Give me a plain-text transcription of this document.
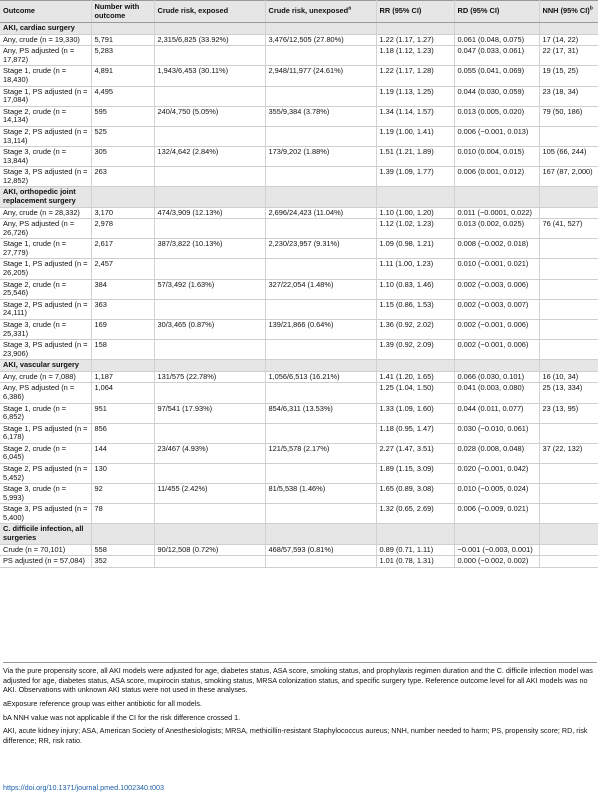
Outcome	Number with outcome	Crude risk, exposed	Crude risk, unexposed$^a$	RR (95% CI)	RD (95% CI)	NNH (95% CI)$^b$
AKI, cardiac surgery						
Any, crude (n = 19,330)	5,791	2,315/6,825 (33.92%)	3,476/12,505 (27.80%)	1.22 (1.17, 1.27)	0.061 (0.048, 0.075)	17 (14, 22)
Any, PS adjusted (n = 17,872)	5,283			1.18 (1.12, 1.23)	0.047 (0.033, 0.061)	22 (17, 31)
Stage 1, crude (n = 18,430)	4,891	1,943/6,453 (30.11%)	2,948/11,977 (24.61%)	1.22 (1.17, 1.28)	0.055 (0.041, 0.069)	19 (15, 25)
Stage 1, PS adjusted (n = 17,084)	4,495			1.19 (1.13, 1.25)	0.044 (0.030, 0.059)	23 (18, 34)
Stage 2, crude (n = 14,134)	595	240/4,750 (5.05%)	355/9,384 (3.78%)	1.34 (1.14, 1.57)	0.013 (0.005, 0.020)	79 (50, 186)
Stage 2, PS adjusted (n = 13,114)	525			1.19 (1.00, 1.41)	0.006 (−0.001, 0.013)	
Stage 3, crude (n = 13,844)	305	132/4,642 (2.84%)	173/9,202 (1.88%)	1.51 (1.21, 1.89)	0.010 (0.004, 0.015)	105 (66, 244)
Stage 3, PS adjusted (n = 12,852)	263			1.39 (1.09, 1.77)	0.006 (0.001, 0.012)	167 (87, 2,000)
AKI, orthopedic joint replacement surgery						
Any, crude (n = 28,332)	3,170	474/3,909 (12.13%)	2,696/24,423 (11.04%)	1.10 (1.00, 1.20)	0.011 (−0.0001, 0.022)	
Any, PS adjusted (n = 26,726)	2,978			1.12 (1.02, 1.23)	0.013 (0.002, 0.025)	76 (41, 527)
Stage 1, crude (n = 27,779)	2,617	387/3,822 (10.13%)	2,230/23,957 (9.31%)	1.09 (0.98, 1.21)	0.008 (−0.002, 0.018)	
Stage 1, PS adjusted (n = 26,205)	2,457			1.11 (1.00, 1.23)	0.010 (−0.001, 0.021)	
Stage 2, crude (n = 25,546)	384	57/3,492 (1.63%)	327/22,054 (1.48%)	1.10 (0.83, 1.46)	0.002 (−0.003, 0.006)	
Stage 2, PS adjusted (n = 24,111)	363			1.15 (0.86, 1.53)	0.002 (−0.003, 0.007)	
Stage 3, crude (n = 25,331)	169	30/3,465 (0.87%)	139/21,866 (0.64%)	1.36 (0.92, 2.02)	0.002 (−0.001, 0.006)	
Stage 3, PS adjusted (n = 23,906)	158			1.39 (0.92, 2.09)	0.002 (−0.001, 0.006)	
AKI, vascular surgery						
Any, crude (n = 7,088)	1,187	131/575 (22.78%)	1,056/6,513 (16.21%)	1.41 (1.20, 1.65)	0.066 (0.030, 0.101)	16 (10, 34)
Any, PS adjusted (n = 6,386)	1,064			1.25 (1.04, 1.50)	0.041 (0.003, 0.080)	25 (13, 334)
Stage 1, crude (n = 6,852)	951	97/541 (17.93%)	854/6,311 (13.53%)	1.33 (1.09, 1.60)	0.044 (0.011, 0.077)	23 (13, 95)
Stage 1, PS adjusted (n = 6,178)	856			1.18 (0.95, 1.47)	0.030 (−0.010, 0.061)	
Stage 2, crude (n = 6,045)	144	23/467 (4.93%)	121/5,578 (2.17%)	2.27 (1.47, 3.51)	0.028 (0.008, 0.048)	37 (22, 132)
Stage 2, PS adjusted (n = 5,452)	130			1.89 (1.15, 3.09)	0.020 (−0.001, 0.042)	
Stage 3, crude (n = 5,993)	92	11/455 (2.42%)	81/5,538 (1.46%)	1.65 (0.89, 3.08)	0.010 (−0.005, 0.024)	
Stage 3, PS adjusted (n = 5,400)	78			1.32 (0.65, 2.69)	0.006 (−0.009, 0.021)	
C. difficile infection, all surgeries						
Crude (n = 70,101)	558	90/12,508 (0.72%)	468/57,593 (0.81%)	0.89 (0.71, 1.11)	−0.001 (−0.003, 0.001)	
PS adjusted (n = 57,084)	352			1.01 (0.78, 1.31)	0.000 (−0.002, 0.002)	

Via the pure propensity score, all AKI models were adjusted for age, diabetes status, ASA score, smoking status, and prophylaxis regimen duration and the C. difficile infection model was adjusted for age, diabetes status, ASA score, mupirocin status, smoking status, MRSA colonization status, and specific surgery type. Reference outcome level for all AKI models was no AKI. Observations with unknown AKI status were not used in these analyses.

aExposure reference group was either antibiotic for all models.

bA NNH value was not applicable if the CI for the risk difference crossed 1.

AKI, acute kidney injury; ASA, American Society of Anesthesiologists; MRSA, methicillin-resistant Staphylococcus aureus; NNH, number needed to harm; PS, propensity score; RD, risk difference; RR, risk ratio.

https://doi.org/10.1371/journal.pmed.1002340.t003
